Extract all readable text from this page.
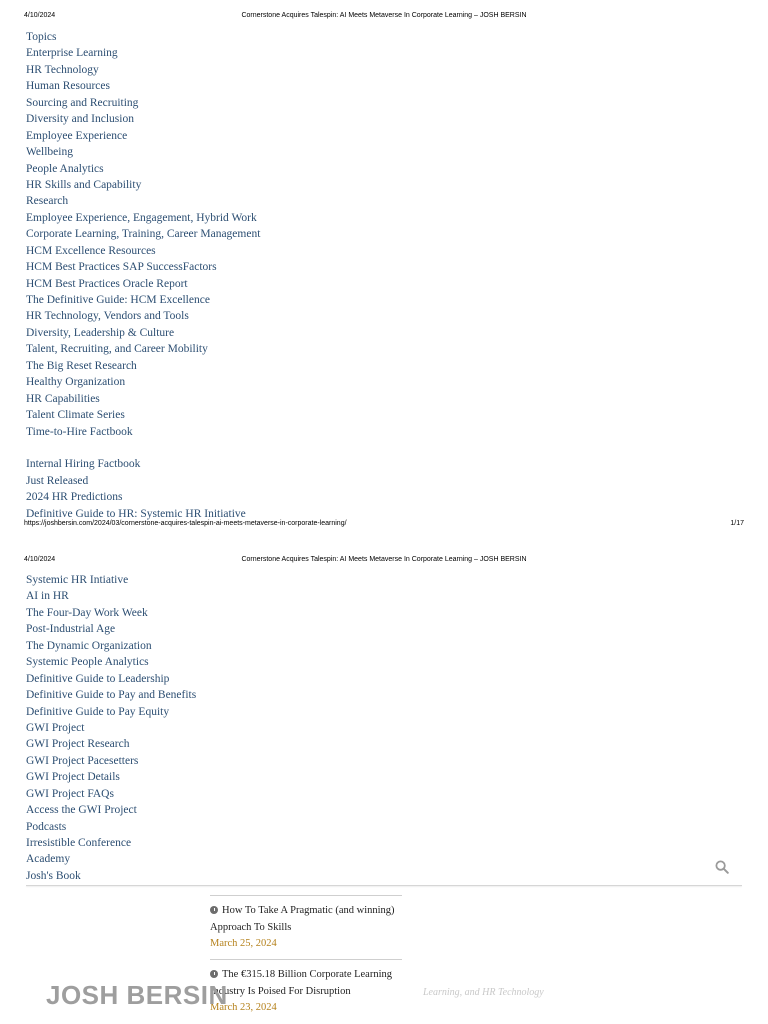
4/10/2024	Cornerstone Acquires Talespin: AI Meets Metaverse In Corporate Learning – JOSH BERSIN
Topics
Enterprise Learning
HR Technology
Human Resources
Sourcing and Recruiting
Diversity and Inclusion
Employee Experience
Wellbeing
People Analytics
HR Skills and Capability
Research
Employee Experience, Engagement, Hybrid Work
Corporate Learning, Training, Career Management
HCM Excellence Resources
HCM Best Practices SAP SuccessFactors
HCM Best Practices Oracle Report
The Definitive Guide: HCM Excellence
HR Technology, Vendors and Tools
Diversity, Leadership & Culture
Talent, Recruiting, and Career Mobility
The Big Reset Research
Healthy Organization
HR Capabilities
Talent Climate Series
Time-to-Hire Factbook
Internal Hiring Factbook
Just Released
2024 HR Predictions
Definitive Guide to HR: Systemic HR Initiative
https://joshbersin.com/2024/03/cornerstone-acquires-talespin-ai-meets-metaverse-in-corporate-learning/	1/17
4/10/2024	Cornerstone Acquires Talespin: AI Meets Metaverse In Corporate Learning – JOSH BERSIN
Systemic HR Intiative
AI in HR
The Four-Day Work Week
Post-Industrial Age
The Dynamic Organization
Systemic People Analytics
Definitive Guide to Leadership
Definitive Guide to Pay and Benefits
Definitive Guide to Pay Equity
GWI Project
GWI Project Research
GWI Project Pacesetters
GWI Project Details
GWI Project FAQs
Access the GWI Project
Podcasts
Irresistible Conference
Academy
Josh's Book
How To Take A Pragmatic (and winning) Approach To Skills
March 25, 2024
The €315.18 Billion Corporate Learning Industry Is Poised For Disruption
March 23, 2024
JOSH BERSIN	Learning, and HR Technology
